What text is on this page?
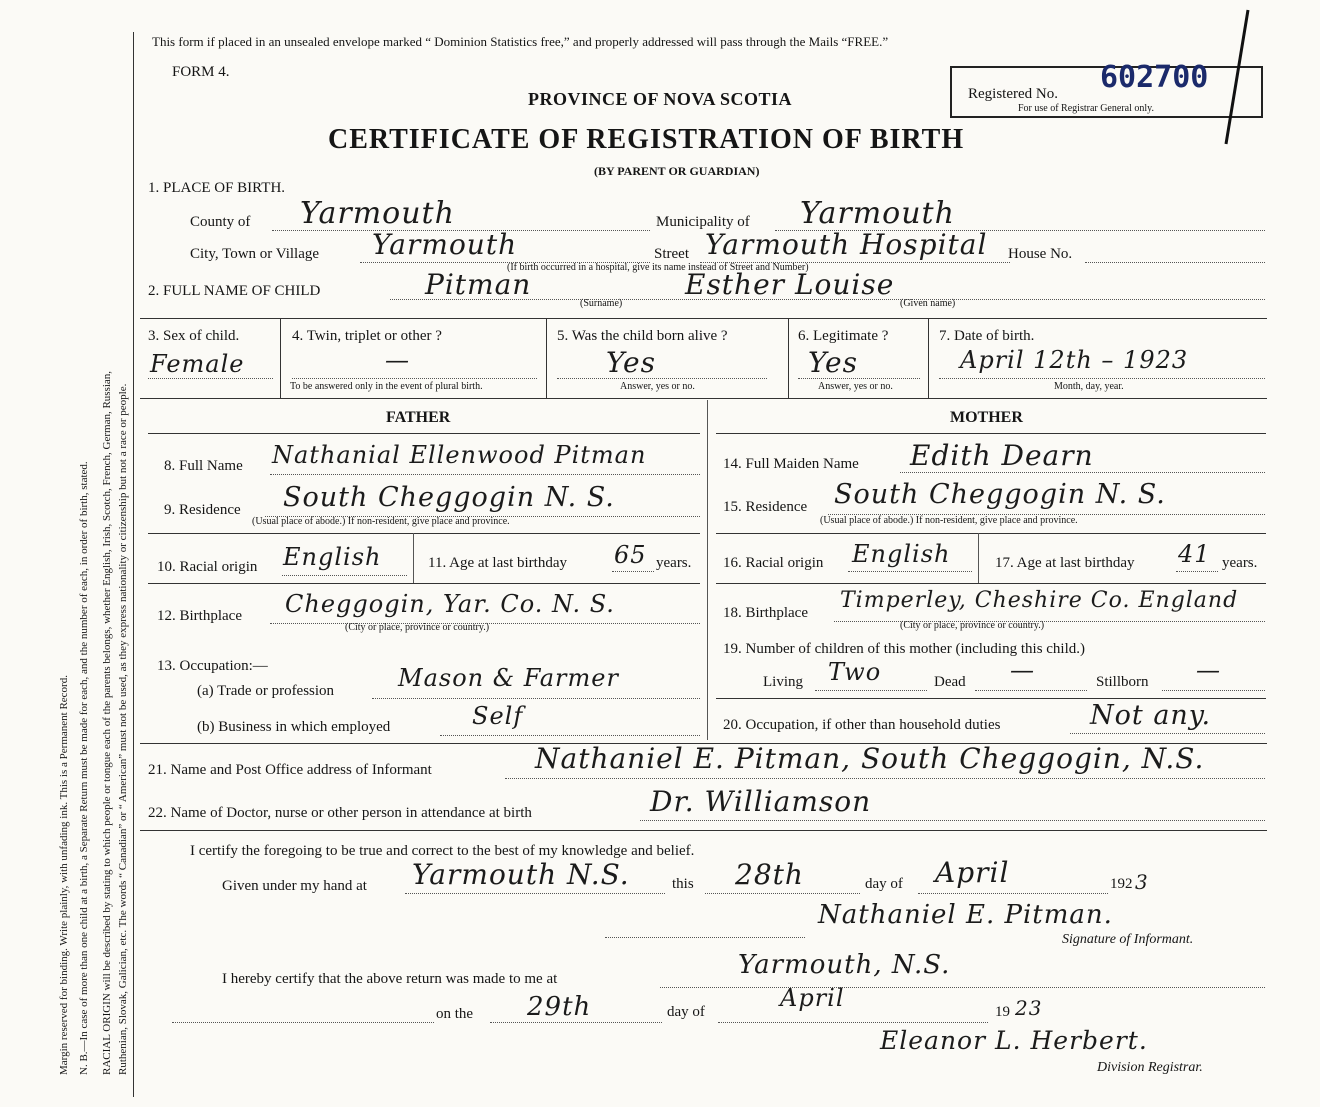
Margin reserved for binding. Write plainly, with unfading ink. This is a Permanent Record. N. B.—In case of more than one child at a birth, a Separate Return must be made for each, and the number of each, in order of birth, stated. RACIAL ORIGIN will be described by stating to which people or tongue each of the parents belongs, whether English, Irish, Scotch, French, German, Russian, Ruthenian, Slovak, Galician, etc. The words “ Canadian” or “ American” must not be used, as they express nationality or citizenship but not a race or people.
This form if placed in an unsealed envelope marked “ Dominion Statistics free,” and properly addressed will pass through the Mails “FREE.”
FORM 4.
PROVINCE OF NOVA SCOTIA
CERTIFICATE OF REGISTRATION OF BIRTH
(BY PARENT OR GUARDIAN)
Registered No. 602700
For use of Registrar General only.
1. PLACE OF BIRTH.
County of Yarmouth	Municipality of Yarmouth
City, Town or Village Yarmouth	Street Yarmouth Hospital House No.
(If birth occurred in a hospital, give its name instead of Street and Number)
2. FULL NAME OF CHILD	Pitman	Esther Louise
(Surname)	(Given name)
3. Sex of child.
Female
4. Twin, triplet or other ?
—
To be answered only in the event of plural birth.
5. Was the child born alive ?
Yes
Answer, yes or no.
6. Legitimate ?
Yes
Answer, yes or no.
7. Date of birth.
April 12th – 1923
Month, day, year.
FATHER	MOTHER
8. Full Name Nathanial Ellenwood Pitman
9. Residence South Cheggogin N. S.
(Usual place of abode.) If non-resident, give place and province.
10. Racial origin English	11. Age at last birthday 65 years.
12. Birthplace Cheggogin, Yar. Co. N. S.
(City or place, province or country.)
13. Occupation:—
(a) Trade or profession	Mason & Farmer
(b) Business in which employed	Self
14. Full Maiden Name Edith Dearn
15. Residence South Cheggogin N. S.
(Usual place of abode.) If non-resident, give place and province.
16. Racial origin English	17. Age at last birthday 41 years.
18. Birthplace Timperley, Cheshire Co. England
(City or place, province or country.)
19. Number of children of this mother (including this child.)
Living Two	Dead —	Stillborn —
20. Occupation, if other than household duties	Not any.
21. Name and Post Office address of Informant	Nathaniel E. Pitman, South Cheggogin, N.S.
22. Name of Doctor, nurse or other person in attendance at birth	Dr. Williamson
I certify the foregoing to be true and correct to the best of my knowledge and belief.
Given under my hand at Yarmouth N.S.	this 28th	day of April	192 3
Nathaniel E. Pitman.
Signature of Informant.
I hereby certify that the above return was made to me at	Yarmouth, N.S.
on the 29th	day of	April	19 23
Eleanor L. Herbert.
Division Registrar.
